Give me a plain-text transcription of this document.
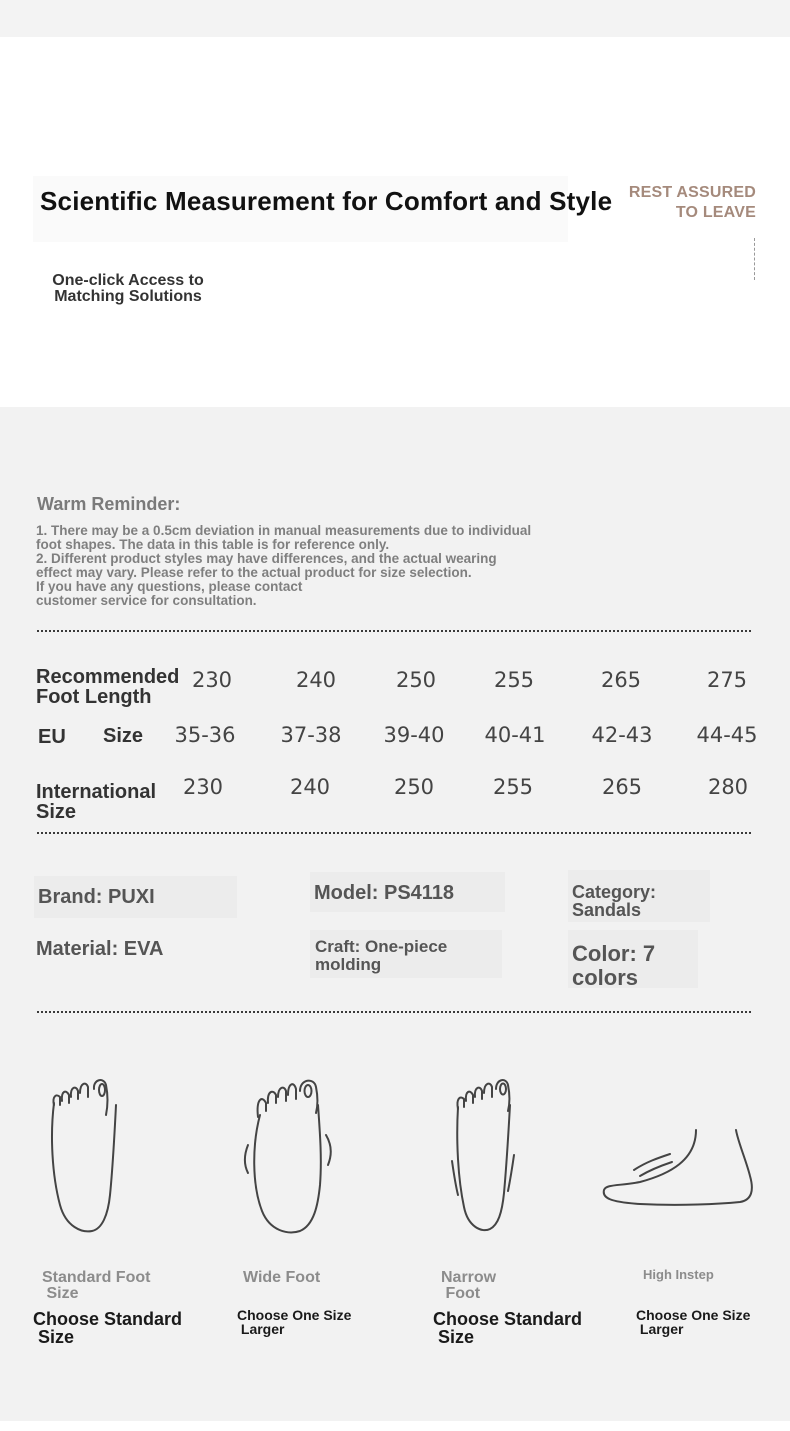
Scientific Measurement for Comfort and Style REST ASSURED
TO LEAVE
One-click Access to
Matching Solutions
Warm Reminder:
1. There may be a 0.5cm deviation in manual measurements due to individual
foot shapes. The data in this table is for reference only.
2. Different product styles may have differences, and the actual wearing
effect may vary. Please refer to the actual product for size selection.
If you have any questions, please contact
customer service for consultation.
Recommended
Foot Length
230	240	250	255	265	275
EU Size	35-36	37-38	39-40	40-41	42-43	44-45
International
Size
230	240	250	255	265	280
Brand: PUXI	Model: PS4118	Category:
Sandals
Material: EVA	Craft: One-piece
molding	Color: 7
colors
Standard Foot
Size
Wide Foot	Narrow
Foot
High Instep
Choose Standard
Size
Choose One Size
Larger	Choose Standard
Size
Choose One Size
Larger
